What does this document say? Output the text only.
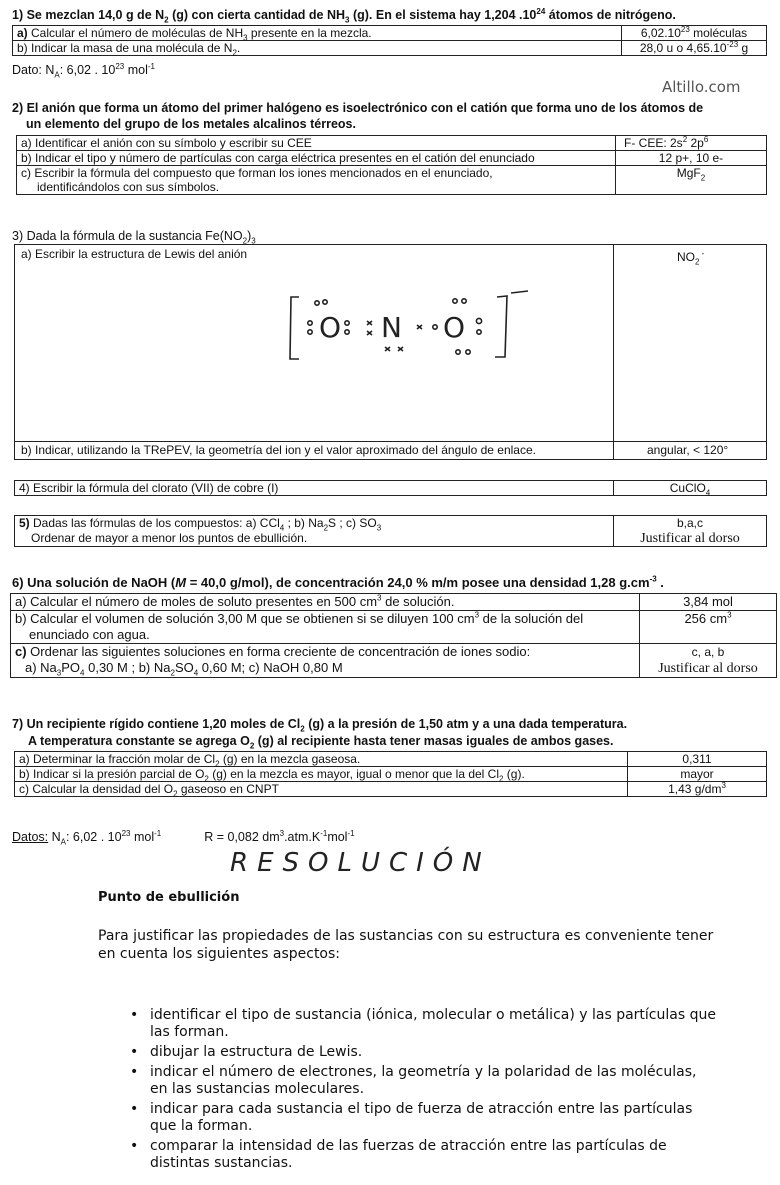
Altillo.com
1) Se mezclan 14,0 g de $N_2$ (g) con cierta cantidad de $NH_3$ (g). En el sistema hay 1,204 $.10^{24}$ átomos de nitrógeno.
a) Calcular el número de moléculas de $NH_3$ presente en la mezcla.	6,02.10$^{23}$ moléculas
b) Indicar la masa de una molécula de $N_2$.	28,0 u o $4,65.10^{-23}$ g
Dato: $N_A$: 6,02 . $10^{23}$ mol$^{-1}$
2) El anión que forma un átomo del primer halógeno es isoelectrónico con el catión que forma uno de los átomos de
un elemento del grupo de los metales alcalinos térreos.
a) Identificar el anión con su símbolo y escribir su CEE	F- CEE: $2s^2$ $2p^6$
b) Indicar el tipo y número de partículas con carga eléctrica presentes en el catión del enunciado	12 p+, 10 e-
c) Escribir la fórmula del compuesto que forman los iones mencionados en el enunciado,
identificándolos con sus símbolos.	MgF$_2$
3) Dada la fórmula de la sustancia $Fe(NO_2)_3$
a) Escribir la estructura de Lewis del anión	$NO_2$ -
O N O
b) Indicar, utilizando la TRePEV, la geometría del ion y el valor aproximado del ángulo de enlace.	angular, < 120°
4) Escribir la fórmula del clorato (VII) de cobre (I)	CuClO$_4$
5) Dadas las fórmulas de los compuestos: a) CCl$_4$ ; b) $Na_2S$ ; c) $SO_3$
Ordenar de mayor a menor los puntos de ebullición.	b,a,c
Justificar al dorso
6) Una solución de NaOH (M = 40,0 g/mol), de concentración 24,0 % m/m posee una densidad 1,28 $g.cm^{-3}$ .
a) Calcular el número de moles de soluto presentes en 500 $cm^3$ de solución.	3,84 mol
b) Calcular el volumen de solución 3,00 M que se obtienen si se diluyen 100 $cm^3$ de la solución del
enunciado con agua.	256 $cm^3$
c) Ordenar las siguientes soluciones en forma creciente de concentración de iones sodio:
a) $Na_3PO_4$ 0,30 M ; b) $Na_2SO_4$ 0,60 M; c) NaOH 0,80 M	c, a, b
Justificar al dorso
7) Un recipiente rígido contiene 1,20 moles de $Cl_2$ (g) a la presión de 1,50 atm y a una dada temperatura.
A temperatura constante se agrega $O_2$ (g) al recipiente hasta tener masas iguales de ambos gases.
a) Determinar la fracción molar de $Cl_2$ (g) en la mezcla gaseosa.	0,311
b) Indicar si la presión parcial de $O_2$ (g) en la mezcla es mayor, igual o menor que la del $Cl_2$ (g).	mayor
c) Calcular la densidad del $O_2$ gaseoso en CNPT	1,43 $g/dm^3$
Datos: $N_A$: 6,02 . $10^{23}$ mol$^{-1}$	R = 0,082 $dm^3.atm.K^{-1}mol^{-1}$
RESOLUCIÓN
Punto de ebullición
Para justificar las propiedades de las sustancias con su estructura es conveniente tener
en cuenta los siguientes aspectos:
• identificar el tipo de sustancia (iónica, molecular o metálica) y las partículas que las forman.
• dibujar la estructura de Lewis.
• indicar el número de electrones, la geometría y la polaridad de las moléculas, en las sustancias moleculares.
• indicar para cada sustancia el tipo de fuerza de atracción entre las partículas que la forman.
• comparar la intensidad de las fuerzas de atracción entre las partículas de distintas sustancias.
